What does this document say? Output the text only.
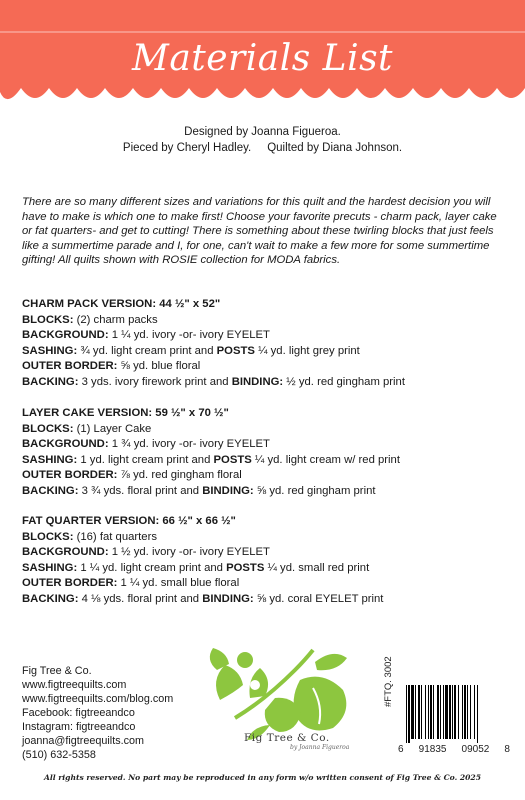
Materials List
Designed by Joanna Figueroa.
Pieced by Cheryl Hadley. Quilted by Diana Johnson.
There are so many different sizes and variations for this quilt and the hardest decision you will have to make is which one to make first! Choose your favorite precuts - charm pack, layer cake or fat quarters- and get to cutting! There is something about these twirling blocks that just feels like a summertime parade and I, for one, can't wait to make a few more for some summertime gifting! All quilts shown with ROSIE collection for MODA fabrics.
CHARM PACK VERSION: 44 ½" x 52"
BLOCKS: (2) charm packs
BACKGROUND: 1 ¼ yd. ivory -or- ivory EYELET
SASHING: ¾ yd. light cream print and POSTS ¼ yd. light grey print
OUTER BORDER: ⅝ yd. blue floral
BACKING: 3 yds. ivory firework print and BINDING: ½ yd. red gingham print
LAYER CAKE VERSION: 59 ½" x 70 ½"
BLOCKS: (1) Layer Cake
BACKGROUND: 1 ¾ yd. ivory -or- ivory EYELET
SASHING: 1 yd. light cream print and POSTS ¼ yd. light cream w/ red print
OUTER BORDER: ⅞ yd. red gingham floral
BACKING: 3 ¾ yds. floral print and BINDING: ⅝ yd. red gingham print
FAT QUARTER VERSION: 66 ½" x 66 ½"
BLOCKS: (16) fat quarters
BACKGROUND: 1 ½ yd. ivory -or- ivory EYELET
SASHING: 1 ¼ yd. light cream print and POSTS ¼ yd. small red print
OUTER BORDER: 1 ¼ yd. small blue floral
BACKING: 4 ⅛ yds. floral print and BINDING: ⅝ yd. coral EYELET print
Fig Tree & Co.
www.figtreequilts.com
www.figtreequilts.com/blog.com
Facebook: figtreeandco
Instagram: figtreeandco
joanna@figtreequilts.com
(510) 632-5358
Fig Tree & Co.
by Joanna Figueroa
#FTQ. 3002
6 91835 09052 8
All rights reserved. No part may be reproduced in any form w/o written consent of Fig Tree & Co. 2025
